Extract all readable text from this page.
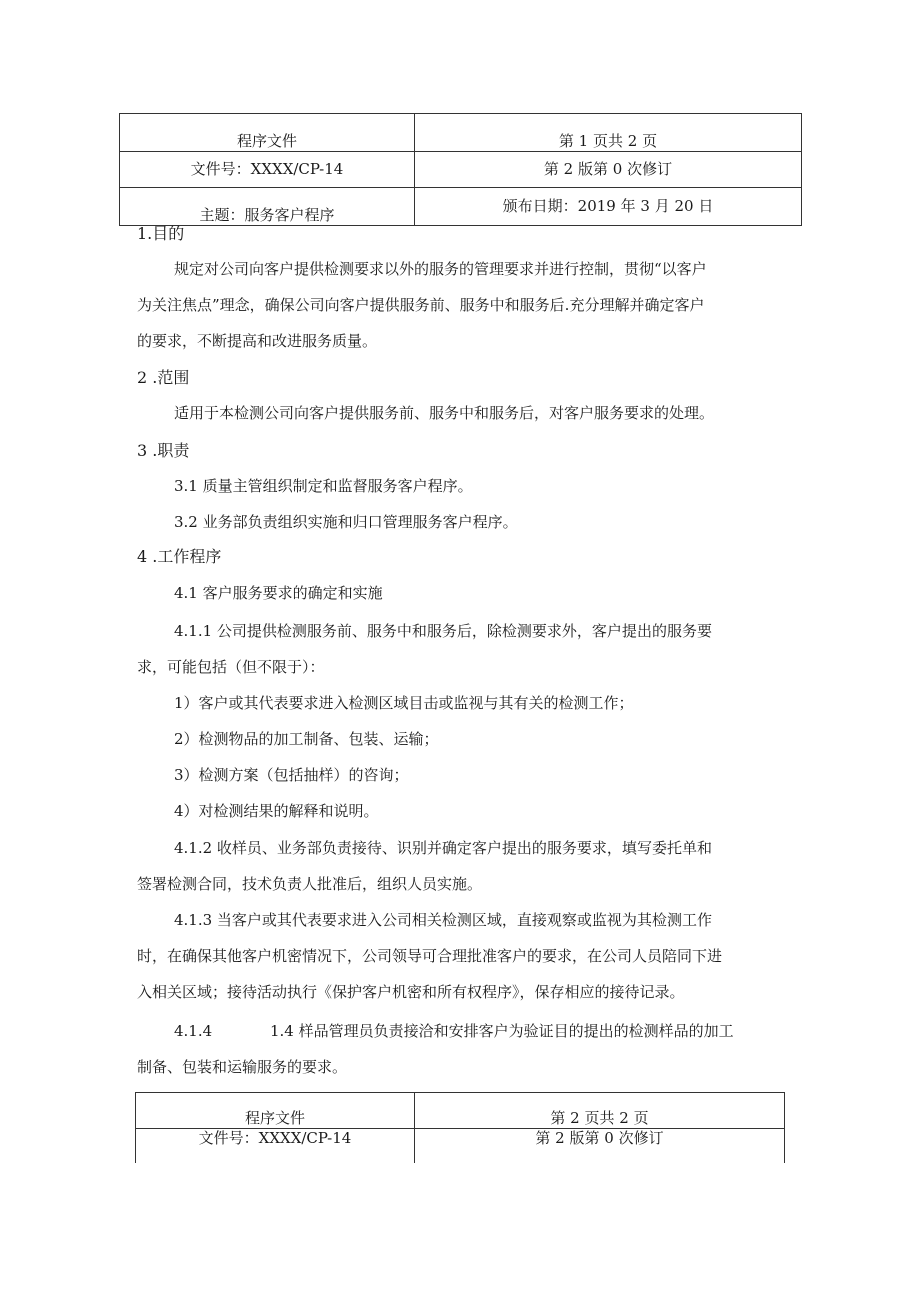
程序文件	第 1 页共 2 页
文件号：XXXX/CP-14	第 2 版第 0 次修订
主题：服务客户程序	颁布日期：2019 年 3 月 20 日
1.目的
规定对公司向客户提供检测要求以外的服务的管理要求并进行控制，贯彻“以客户
为关注焦点”理念，确保公司向客户提供服务前、服务中和服务后.充分理解并确定客户
的要求，不断提高和改进服务质量。
2 .范围
适用于本检测公司向客户提供服务前、服务中和服务后，对客户服务要求的处理。
3 .职责
3.1 质量主管组织制定和监督服务客户程序。
3.2 业务部负责组织实施和归口管理服务客户程序。
4 .工作程序
4.1 客户服务要求的确定和实施
4.1.1 公司提供检测服务前、服务中和服务后，除检测要求外，客户提出的服务要
求，可能包括（但不限于）：
1）客户或其代表要求进入检测区域目击或监视与其有关的检测工作；
2）检测物品的加工制备、包装、运输；
3）检测方案（包括抽样）的咨询；
4）对检测结果的解释和说明。
4.1.2 收样员、业务部负责接待、识别并确定客户提出的服务要求，填写委托单和
签署检测合同，技术负责人批准后，组织人员实施。
4.1.3 当客户或其代表要求进入公司相关检测区域，直接观察或监视为其检测工作
时，在确保其他客户机密情况下，公司领导可合理批准客户的要求，在公司人员陪同下进
入相关区域；接待活动执行《保护客户机密和所有权程序》，保存相应的接待记录。
4.1.4	1.4 样品管理员负责接洽和安排客户为验证目的提出的检测样品的加工
制备、包装和运输服务的要求。
程序文件	第 2 页共 2 页
文件号：XXXX/CP-14	第 2 版第 0 次修订
